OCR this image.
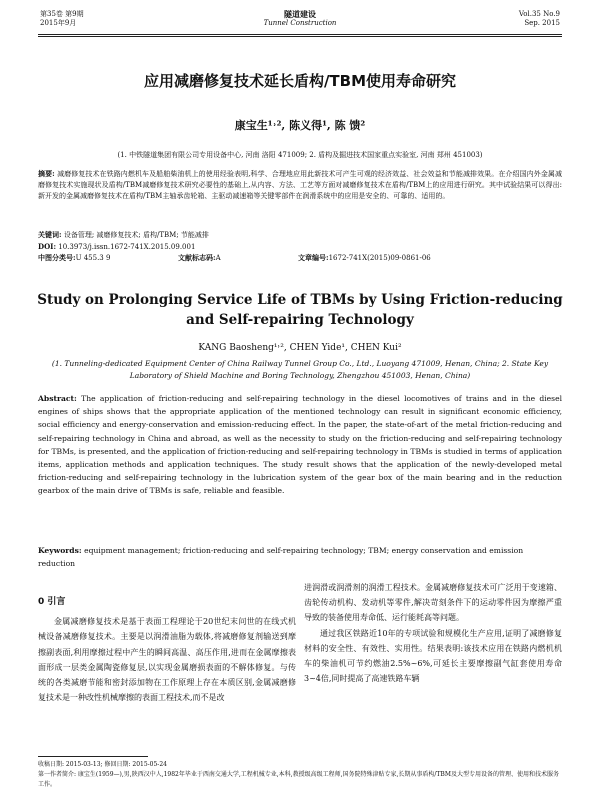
第35卷 第9期
2015年9月
隧道建设
Tunnel Construction
Vol.35 No.9
Sep. 2015
应用减磨修复技术延长盾构/TBM使用寿命研究
康宝生¹˒², 陈义得¹, 陈 馈²
(1. 中铁隧道集团有限公司专用设备中心, 河南 洛阳 471009; 2. 盾构及掘进技术国家重点实验室, 河南 郑州 451003)
摘要: 减磨修复技术在铁路内燃机车及船舶柴油机上的使用经验表明,科学、合理地应用此新技术可产生可观的经济效益、社会效益和节能减排效果。在介绍国内外金属减磨修复技术实施现状及盾构/TBM减磨修复技术研究必要性的基础上,从内容、方法、工艺等方面对减磨修复技术在盾构/TBM上的应用进行研究。其中试验结果可以得出:新开发的金属减磨修复技术在盾构/TBM主轴承齿轮箱、主驱动减速箱等关键零部件在润滑系统中的应用是安全的、可靠的、适用的。
关键词: 设备管理; 减磨修复技术; 盾构/TBM; 节能减排
DOI: 10.3973/j.issn.1672-741X.2015.09.001
中图分类号:U 455.3 9	文献标志码:A	文章编号:1672-741X(2015)09-0861-06
Study on Prolonging Service Life of TBMs by Using Friction-reducing
and Self-repairing Technology
KANG Baosheng¹˒², CHEN Yide¹, CHEN Kui²
(1. Tunneling-dedicated Equipment Center of China Railway Tunnel Group Co., Ltd., Luoyang 471009, Henan, China; 2. State Key Laboratory of Shield Machine and Boring Technology, Zhengzhou 451003, Henan, China)
Abstract: The application of friction-reducing and self-repairing technology in the diesel locomotives of trains and in the diesel engines of ships shows that the appropriate application of the mentioned technology can result in significant economic efficiency, social efficiency and energy-conservation and emission-reducing effect. In the paper, the state-of-art of the metal friction-reducing and self-repairing technology in China and abroad, as well as the necessity to study on the friction-reducing and self-repairing technology for TBMs, is presented, and the application of friction-reducing and self-repairing technology in TBMs is studied in terms of application items, application methods and application techniques. The study result shows that the application of the newly-developed metal friction-reducing and self-repairing technology in the lubrication system of the gear box of the main bearing and in the reduction gearbox of the main drive of TBMs is safe, reliable and feasible.
Keywords: equipment management; friction-reducing and self-repairing technology; TBM; energy conservation and emission reduction
0 引言

金属减磨修复技术是基于表面工程理论于20世纪末问世的在线式机械设备减磨修复技术。主要是以润滑油脂为载体,将减磨修复剂输送到摩擦副表面,利用摩擦过程中产生的瞬间高温、高压作用,进而在金属摩擦表面形成一层类金属陶瓷修复层,以实现金属磨损表面的不解体修复。与传统的各类减磨节能和密封添加物在工作原理上存在本质区别,金属减磨修复技术是一种改性机械摩擦的表面工程技术,而不是改

进润滑或润滑剂的润滑工程技术。金属减磨修复技术可广泛用于变速箱、齿轮传动机构、发动机等零件,解决苛刻条件下的运动零件因为摩擦严重导致的装备使用寿命低、运行能耗高等问题。

通过我区铁路近10年的专项试验和规模化生产应用,证明了减磨修复材料的安全性、有效性、实用性。结果表明:该技术应用在铁路内燃机机车的柴油机可节约燃油2.5%~6%,可延长主要摩擦副气缸套使用寿命3~4倍,同时提高了高速铁路车辆

收稿日期: 2015-03-13; 修回日期: 2015-05-24
第一作者简介: 康宝生(1959—),男,陕西汉中人,1982年毕业于西南交通大学,工程机械专业,本科,教授级高级工程师,国务院特殊津贴专家,长期从事盾构/TBM及大型专用设备的管理、使用和技术服务工作。
